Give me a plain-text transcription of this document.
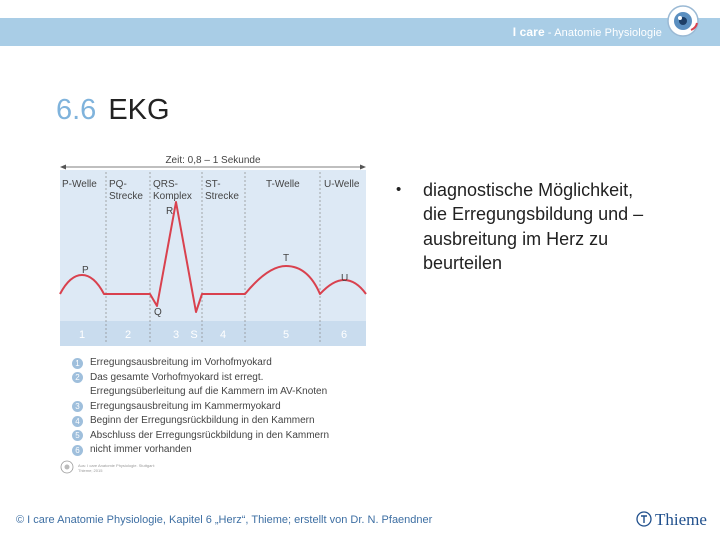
I care - Anatomie Physiologie
6.6 EKG
Zeit: 0,8 – 1 Sekunde
P-Welle PQ-
Strecke
QRS-
Komplex
ST-
Strecke
T-Welle U-Welle
P
Q
R
T
U
1	2	3 S 4	5	6
1	Erregungsausbreitung im Vorhofmyokard
2	Das gesamte Vorhofmyokard ist erregt.
Erregungsüberleitung auf die Kammern im AV-Knoten
3	Erregungsausbreitung im Kammermyokard
4	Beginn der Erregungsrückbildung in den Kammern
5	Abschluss der Erregungsrückbildung in den Kammern
6	nicht immer vorhanden
Aus: I care Anatomie Physiologie. Stuttgart: Thieme; 2015
• diagnostische Möglichkeit, die Erregungsbildung und –ausbreitung im Herz zu beurteilen
© I care Anatomie Physiologie, Kapitel 6 „Herz“, Thieme; erstellt von Dr. N. Pfaendner	Thieme
